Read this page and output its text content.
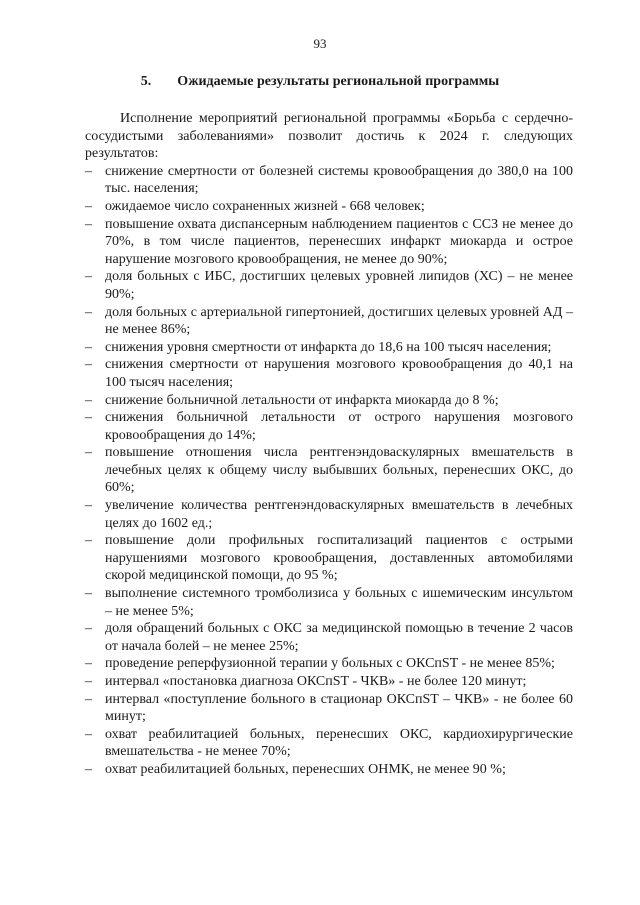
93
5. Ожидаемые результаты региональной программы

Исполнение мероприятий региональной программы «Борьба с сердечно-сосудистыми заболеваниями» позволит достичь к 2024 г. следующих результатов:

– снижение смертности от болезней системы кровообращения до 380,0 на 100 тыс. населения;
– ожидаемое число сохраненных жизней - 668 человек;
– повышение охвата диспансерным наблюдением пациентов с ССЗ не менее до 70%, в том числе пациентов, перенесших инфаркт миокарда и острое нарушение мозгового кровообращения, не менее до 90%;
– доля больных с ИБС, достигших целевых уровней липидов (ХС) – не менее 90%;
– доля больных с артериальной гипертонией, достигших целевых уровней АД – не менее 86%;
– снижения уровня смертности от инфаркта до 18,6 на 100 тысяч населения;
– снижения смертности от нарушения мозгового кровообращения до 40,1 на 100 тысяч населения;
– снижение больничной летальности от инфаркта миокарда до 8 %;
– снижения больничной летальности от острого нарушения мозгового кровообращения до 14%;
– повышение отношения числа рентгенэндоваскулярных вмешательств в лечебных целях к общему числу выбывших больных, перенесших ОКС, до 60%;
– увеличение количества рентгенэндоваскулярных вмешательств в лечебных целях до 1602 ед.;
– повышение доли профильных госпитализаций пациентов с острыми нарушениями мозгового кровообращения, доставленных автомобилями скорой медицинской помощи, до 95 %;
– выполнение системного тромболизиса у больных с ишемическим инсультом – не менее 5%;
– доля обращений больных с ОКС за медицинской помощью в течение 2 часов от начала болей – не менее 25%;
– проведение реперфузионной терапии у больных с ОКСпST - не менее 85%;
– интервал «постановка диагноза ОКСпST - ЧКВ» - не более 120 минут;
– интервал «поступление больного в стационар ОКСпST – ЧКВ» - не более 60 минут;
– охват реабилитацией больных, перенесших ОКС, кардиохирургические вмешательства - не менее 70%;
– охват реабилитацией больных, перенесших ОНМК, не менее 90 %;
